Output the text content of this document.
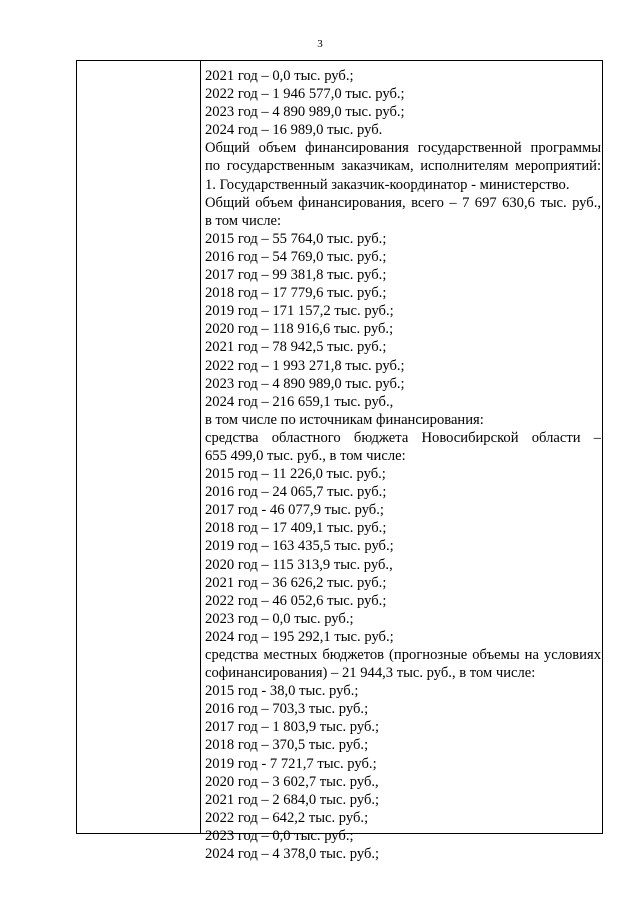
3
2021 год – 0,0 тыс. руб.;
2022 год – 1 946 577,0 тыс. руб.;
2023 год – 4 890 989,0 тыс. руб.;
2024 год – 16 989,0 тыс. руб.
Общий объем финансирования государственной программы
по государственным заказчикам, исполнителям мероприятий:
1. Государственный заказчик-координатор - министерство.
Общий объем финансирования, всего – 7 697 630,6 тыс. руб.,
в том числе:
2015 год – 55 764,0 тыс. руб.;
2016 год – 54 769,0 тыс. руб.;
2017 год – 99 381,8 тыс. руб.;
2018 год – 17 779,6 тыс. руб.;
2019 год – 171 157,2 тыс. руб.;
2020 год – 118 916,6 тыс. руб.;
2021 год – 78 942,5 тыс. руб.;
2022 год – 1 993 271,8 тыс. руб.;
2023 год – 4 890 989,0 тыс. руб.;
2024 год – 216 659,1 тыс. руб.,
в том числе по источникам финансирования:
средства областного бюджета Новосибирской области –
655 499,0 тыс. руб., в том числе:
2015 год – 11 226,0 тыс. руб.;
2016 год – 24 065,7 тыс. руб.;
2017 год - 46 077,9 тыс. руб.;
2018 год – 17 409,1 тыс. руб.;
2019 год – 163 435,5 тыс. руб.;
2020 год – 115 313,9 тыс. руб.,
2021 год – 36 626,2 тыс. руб.;
2022 год – 46 052,6 тыс. руб.;
2023 год – 0,0 тыс. руб.;
2024 год – 195 292,1 тыс. руб.;
средства местных бюджетов (прогнозные объемы на условиях
софинансирования) – 21 944,3 тыс. руб., в том числе:
2015 год - 38,0 тыс. руб.;
2016 год – 703,3 тыс. руб.;
2017 год – 1 803,9 тыс. руб.;
2018 год – 370,5 тыс. руб.;
2019 год - 7 721,7 тыс. руб.;
2020 год – 3 602,7 тыс. руб.,
2021 год – 2 684,0 тыс. руб.;
2022 год – 642,2 тыс. руб.;
2023 год – 0,0 тыс. руб.;
2024 год – 4 378,0 тыс. руб.;
